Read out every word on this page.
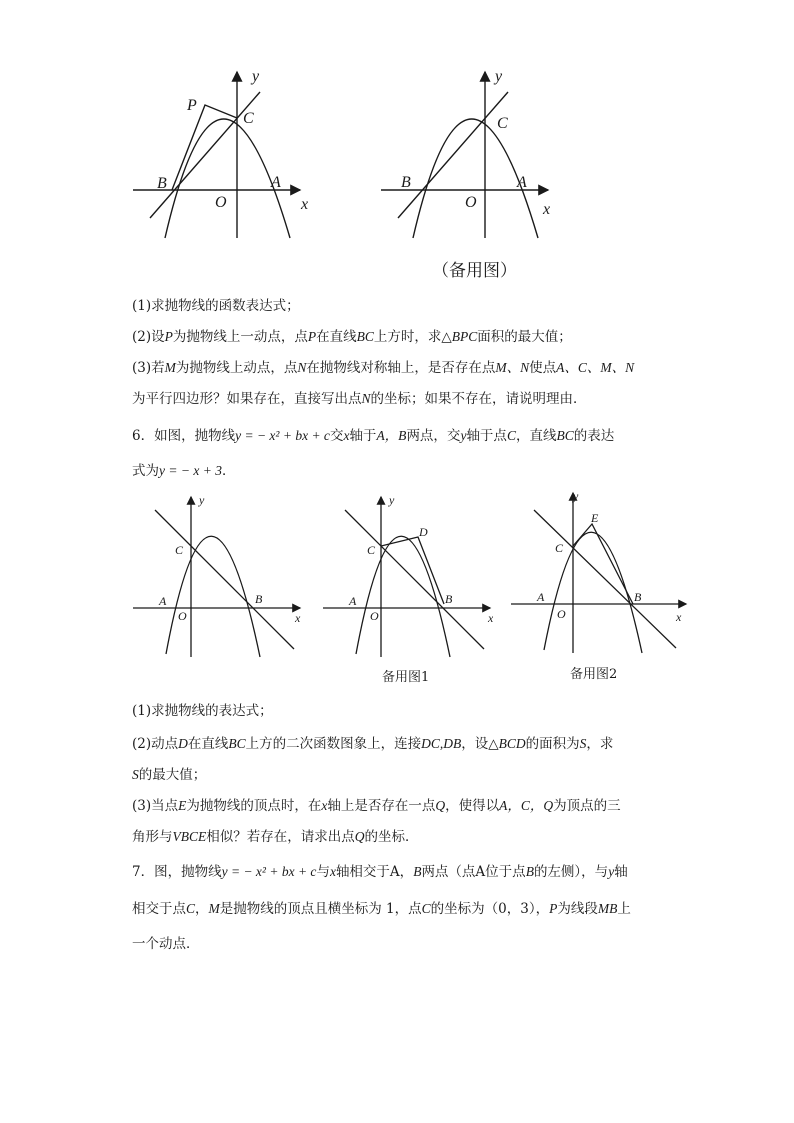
y
x
O
A
B
C
P
y
x
O
A
B
C
（备用图）
(1)求抛物线的函数表达式；
(2)设P为抛物线上一动点，点P在直线BC上方时，求△BPC面积的最大值；
(3)若M为抛物线上动点，点N在抛物线对称轴上，是否存在点M、N使点A、C、M、N
为平行四边形？如果存在，直接写出点N的坐标；如果不存在，请说明理由．
6．如图，抛物线y = − x² + bx + c交x轴于A，B两点，交y轴于点C，直线BC的表达
式为y = − x + 3．
y
x
O
A	B
C
y
x
O
A	B
C
D
备用图1
y
x
O
A	B
C
E
备用图2
(1)求抛物线的表达式；
(2)动点D在直线BC上方的二次函数图象上，连接DC,DB，设△BCD的面积为S，求
S的最大值；
(3)当点E为抛物线的顶点时，在x轴上是否存在一点Q，使得以A，C，Q为顶点的三
角形与VBCE相似？若存在，请求出点Q的坐标．
7．图，抛物线y = − x² + bx + c与x轴相交于A，B两点（点A位于点B的左侧），与y轴
相交于点C，M是抛物线的顶点且横坐标为 1，点C的坐标为（0，3），P为线段MB上
一个动点．
